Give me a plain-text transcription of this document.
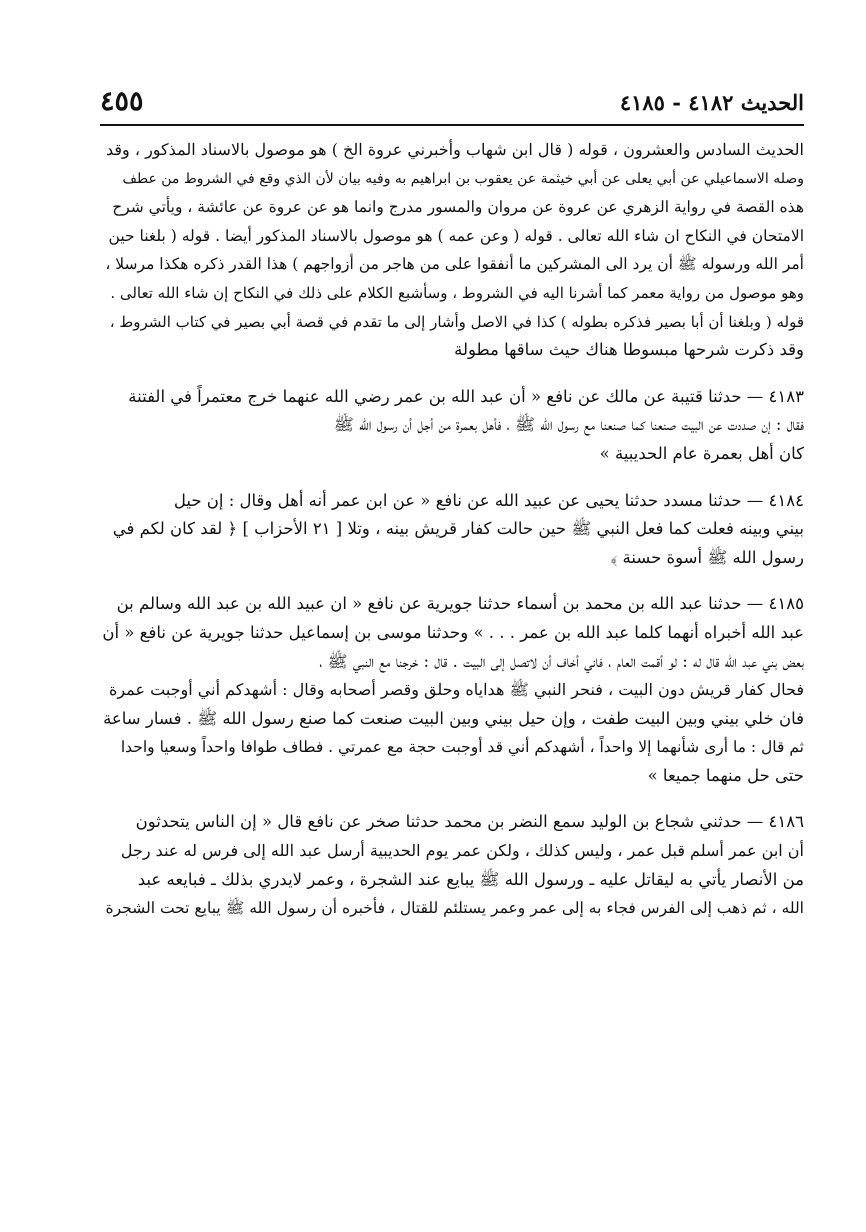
الحديث ٤١٨٢ - ٤١٨٥
٤٥٥
الحديث السادس والعشرون ، قوله ( قال ابن شهاب وأخبرني عروة الخ ) هو موصول بالاسناد المذكور ، وقد
وصله الاسماعيلي عن أبي يعلى عن أبي خيثمة عن يعقوب بن ابراهيم به وفيه بيان لأن الذي وقع في الشروط من عطف
هذه القصة في رواية الزهري عن عروة عن مروان والمسور مدرج وانما هو عن عروة عن عائشة ، ويأتي شرح
الامتحان في النكاح ان شاء الله تعالى . قوله ( وعن عمه ) هو موصول بالاسناد المذكور أيضا . قوله ( بلغنا حين
أمر الله ورسوله ﷺ أن يرد الى المشركين ما أنفقوا على من هاجر من أزواجهم ) هذا القدر ذكره هكذا مرسلا ،
وهو موصول من رواية معمر كما أشرنا اليه في الشروط ، وسأشبع الكلام على ذلك في النكاح إن شاء الله تعالى .
قوله ( وبلغنا أن أبا بصير فذكره بطوله ) كذا في الاصل وأشار إلى ما تقدم في قصة أبي بصير في كتاب الشروط ،
وقد ذكرت شرحها مبسوطا هناك حيث ساقها مطولة
٤١٨٣ — حدثنا قتيبة عن مالك عن نافع « أن عبد الله بن عمر رضي الله عنهما خرج معتمراً في الفتنة
فقال : إن صددت عن البيت صنعنا كما صنعنا مع رسول الله ﷺ ، فأهل بعمرة من أجل أن رسول الله ﷺ
كان أهل بعمرة عام الحديبية »
٤١٨٤ — حدثنا مسدد حدثنا يحيى عن عبيد الله عن نافع « عن ابن عمر أنه أهل وقال : إن حيل
بيني وبينه فعلت كما فعل النبي ﷺ حين حالت كفار قريش بينه ، وتلا [ ٢١ الأحزاب ] ﴿ لقد كان لكم في
رسول الله ﷺ أسوة حسنة ﴾
٤١٨٥ — حدثنا عبد الله بن محمد بن أسماء حدثنا جويرية عن نافع « ان عبيد الله بن عبد الله وسالم بن
عبد الله أخبراه أنهما كلما عبد الله بن عمر . . . » وحدثنا موسى بن إسماعيل حدثنا جويرية عن نافع « أن
بعض بني عبد الله قال له : لو أقمت العام ، فاني أخاف أن لاتصل إلى البيت . قال : خرجنا مع النبي ﷺ ،
فحال كفار قريش دون البيت ، فنحر النبي ﷺ هداياه وحلق وقصر أصحابه وقال : أشهدكم أني أوجبت عمرة
فان خلي بيني وبين البيت طفت ، وإن حيل بيني وبين البيت صنعت كما صنع رسول الله ﷺ . فسار ساعة
ثم قال : ما أرى شأنهما إلا واحداً ، أشهدكم أني قد أوجبت حجة مع عمرتي . فطاف طوافا واحداً وسعيا واحدا
حتى حل منهما جميعا »
٤١٨٦ — حدثني شجاع بن الوليد سمع النضر بن محمد حدثنا صخر عن نافع قال « إن الناس يتحدثون
أن ابن عمر أسلم قبل عمر ، وليس كذلك ، ولكن عمر يوم الحديبية أرسل عبد الله إلى فرس له عند رجل
من الأنصار يأتي به ليقاتل عليه ـ ورسول الله ﷺ يبايع عند الشجرة ، وعمر لايدري بذلك ـ فبايعه عبد
الله ، ثم ذهب إلى الفرس فجاء به إلى عمر وعمر يستلئم للقتال ، فأخبره أن رسول الله ﷺ يبايع تحت الشجرة
